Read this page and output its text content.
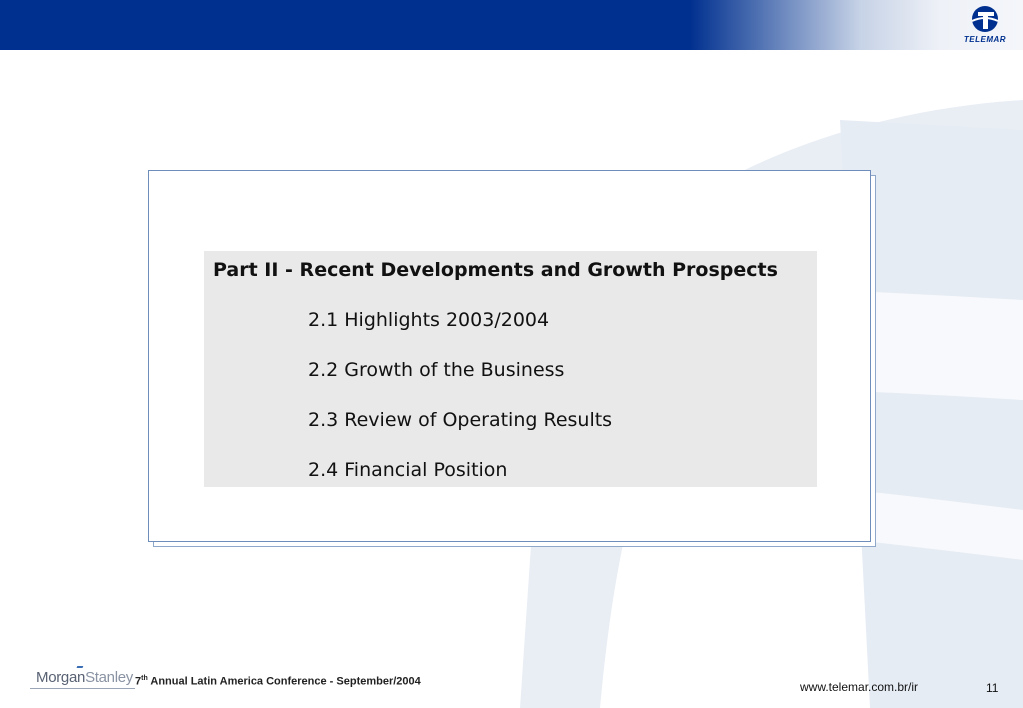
TELEMAR
Part II - Recent Developments and Growth Prospects
2.1 Highlights 2003/2004
2.2 Growth of the Business
2.3 Review of Operating Results
2.4 Financial Position
MorganStanley 7th Annual Latin America Conference - September/2004	www.telemar.com.br/ir	11
